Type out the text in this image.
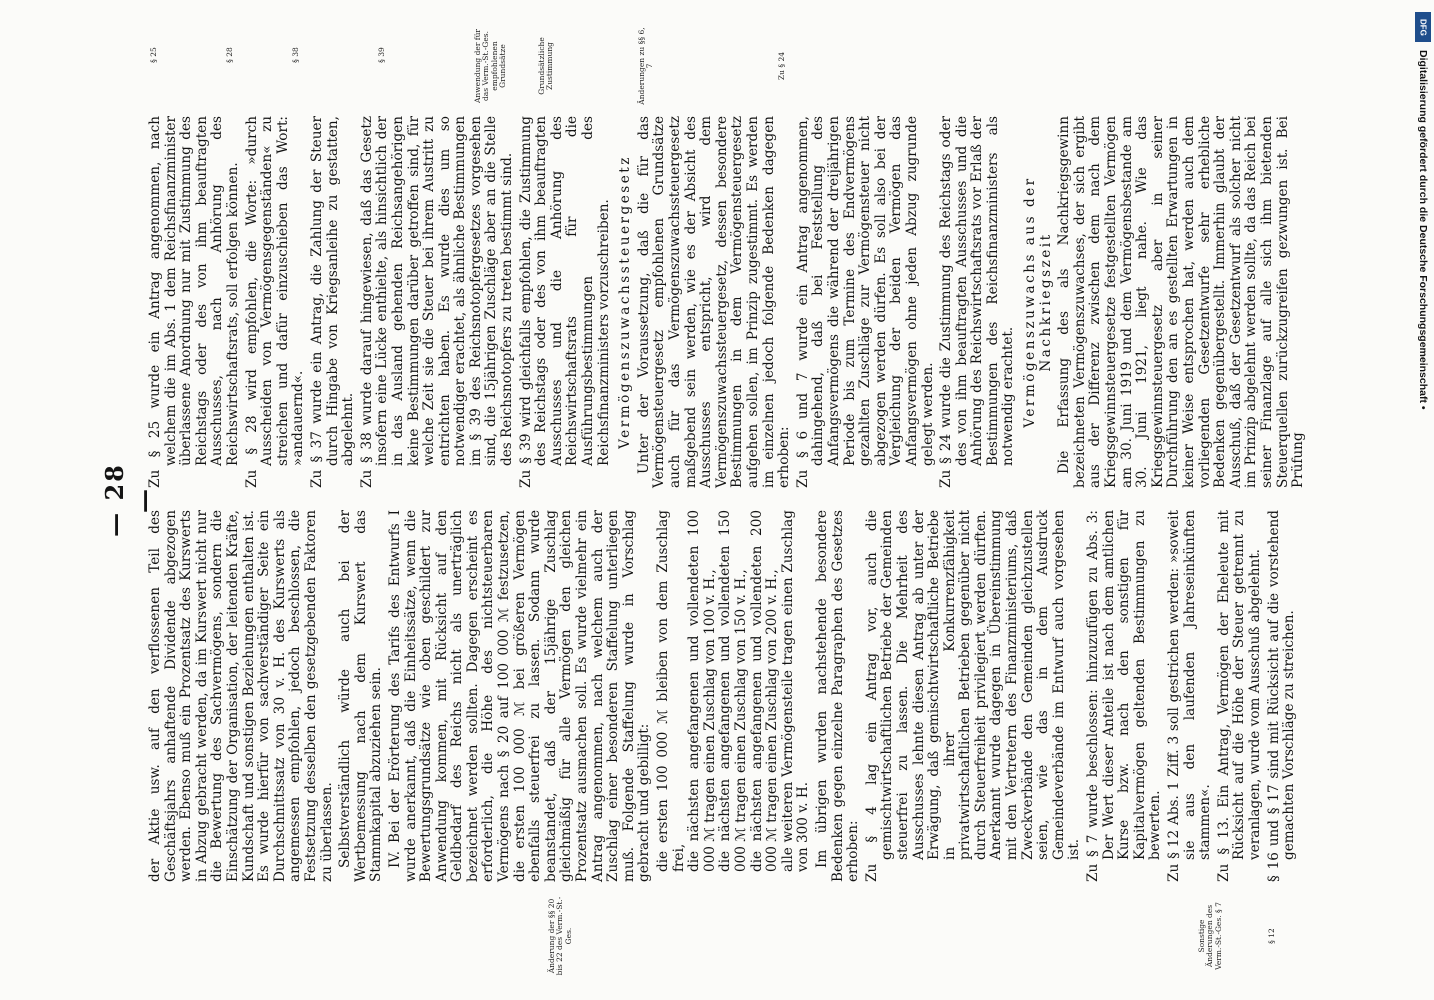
— 28 —
Änderung der §§ 20 bis 22 des Verm.-St.-Ges.	Sonstige Änderungen des Verm.-St.-Ges. § 7	§ 12
§ 25	§ 28	§ 38	§ 39	Anwendung der für das Verm.-St.-Ges. empfohlenen Grundsätze	Grundsätzliche Zustimmung	Änderungen zu §§ 6, 7	Zu § 24

der Aktie usw. auf den verflossenen Teil des Geschäftsjahrs anhaftende Dividende abgezogen werden. Ebenso muß ein Prozentsatz des Kurswerts in Abzug gebracht werden, da im Kurswert nicht nur die Bewertung des Sachvermögens, sondern die Einschätzung der Organisation, der leitenden Kräfte, Kundschaft und sonstigen Beziehungen enthalten ist. Es wurde hierfür von sachverständiger Seite ein Durchschnittssatz von 30 v. H. des Kurswerts als angemessen empfohlen, jedoch beschlossen, die Festsetzung desselben den gesetzgebenden Faktoren zu überlassen. Selbstverständlich würde auch bei der Wertbemessung nach dem Kurswert das Stammkapital abzuziehen sein. IV. Bei der Erörterung des Tarifs des Entwurfs I wurde anerkannt, daß die Einheitssätze, wenn die Bewertungsgrundsätze wie oben geschildert zur Anwendung kommen, mit Rücksicht auf den Geldbedarf des Reichs nicht als unerträglich bezeichnet werden sollten. Dagegen erscheint es erforderlich, die Höhe des nichtsteuerbaren Vermögens nach § 20 auf 100 000 ℳ festzusetzen, die ersten 100 000 ℳ bei größeren Vermögen ebenfalls steuerfrei zu lassen. Sodann wurde beanstandet, daß der 15jährige Zuschlag gleichmäßig für alle Vermögen den gleichen Prozentsatz ausmachen soll. Es wurde vielmehr ein Antrag angenommen, nach welchem auch der Zuschlag einer besonderen Staffelung unterliegen muß. Folgende Staffelung wurde in Vorschlag gebracht und gebilligt: die ersten 100 000 ℳ bleiben von dem Zuschlag frei, die nächsten angefangenen und vollendeten 100 000 ℳ tragen einen Zuschlag von 100 v. H., die nächsten angefangenen und vollendeten 150 000 ℳ tragen einen Zuschlag von 150 v. H., die nächsten angefangenen und vollendeten 200 000 ℳ tragen einen Zuschlag von 200 v. H., alle weiteren Vermögensteile tragen einen Zuschlag von 300 v. H. Im übrigen wurden nachstehende besondere Bedenken gegen einzelne Paragraphen des Gesetzes erhoben: Zu § 4 lag ein Antrag vor, auch die gemischtwirtschaftlichen Betriebe der Gemeinden steuerfrei zu lassen. Die Mehrheit des Ausschusses lehnte diesen Antrag ab unter der Erwägung, daß gemischtwirtschaftliche Betriebe in ihrer Konkurrenzfähigkeit privatwirtschaftlichen Betrieben gegenüber nicht durch Steuerfreiheit privilegiert werden dürften. Anerkannt wurde dagegen in Übereinstimmung mit den Vertretern des Finanzministeriums, daß Zweckverbände den Gemeinden gleichzustellen seien, wie das in dem Ausdruck Gemeindeverbände im Entwurf auch vorgesehen ist. Zu § 7 wurde beschlossen: hinzuzufügen zu Abs. 3: Der Wert dieser Anteile ist nach dem amtlichen Kurse bzw. nach den sonstigen für Kapitalvermögen geltenden Bestimmungen zu bewerten. Zu § 12 Abs. 1 Ziff. 3 soll gestrichen werden: »soweit sie aus den laufenden Jahreseinkünften stammen«. Zu § 13. Ein Antrag, Vermögen der Eheleute mit Rücksicht auf die Höhe der Steuer getrennt zu veranlagen, wurde vom Ausschuß abgelehnt. § 16 und § 17 sind mit Rücksicht auf die vorstehend gemachten Vorschläge zu streichen.

Zu § 25 wurde ein Antrag angenommen, nach welchem die im Abs. 1 dem Reichsfinanzminister überlassene Anordnung nur mit Zustimmung des Reichstags oder des von ihm beauftragten Ausschusses, nach Anhörung des Reichswirtschaftsrats, soll erfolgen können. Zu § 28 wird empfohlen, die Worte: »durch Ausscheiden von Vermögensgegenständen« zu streichen und dafür einzuschieben das Wort: »andauernd«. Zu § 37 wurde ein Antrag, die Zahlung der Steuer durch Hingabe von Kriegsanleihe zu gestatten, abgelehnt. Zu § 38 wurde darauf hingewiesen, daß das Gesetz insofern eine Lücke enthielte, als hinsichtlich der in das Ausland gehenden Reichsangehörigen keine Bestimmungen darüber getroffen sind, für welche Zeit sie die Steuer bei ihrem Austritt zu entrichten haben. Es wurde dies um so notwendiger erachtet, als ähnliche Bestimmungen im § 39 des Reichsnotopfergesetzes vorgesehen sind, die 15jährigen Zuschläge aber an die Stelle des Reichsnotopfers zu treten bestimmt sind. Zu § 39 wird gleichfalls empfohlen, die Zustimmung des Reichstags oder des von ihm beauftragten Ausschusses und die Anhörung des Reichswirtschaftsrats für die Ausführungsbestimmungen des Reichsfinanzministers vorzuschreiben. Vermögenszuwachssteuergesetz Unter der Voraussetzung, daß die für das Vermögensteuergesetz empfohlenen Grundsätze auch für das Vermögenszuwachssteuergesetz maßgebend sein werden, wie es der Absicht des Ausschusses entspricht, wird dem Vermögenszuwachssteuergesetz, dessen besondere Bestimmungen in dem Vermögensteuergesetz aufgehen sollen, im Prinzip zugestimmt. Es werden im einzelnen jedoch folgende Bedenken dagegen erhoben: Zu § 6 und 7 wurde ein Antrag angenommen, dahingehend, daß bei Feststellung des Anfangsvermögens die während der dreijährigen Periode bis zum Termine des Endvermögens gezahlten Zuschläge zur Vermögensteuer nicht abgezogen werden dürfen. Es soll also bei der Vergleichung der beiden Vermögen das Anfangsvermögen ohne jeden Abzug zugrunde gelegt werden. Zu § 24 wurde die Zustimmung des Reichstags oder des von ihm beauftragten Ausschusses und die Anhörung des Reichswirtschaftsrats vor Erlaß der Bestimmungen des Reichsfinanzministers als notwendig erachtet. Vermögenszuwachs aus der Nachkriegszeit Die Erfassung des als Nachkriegsgewinn bezeichneten Vermögenszuwachses, der sich ergibt aus der Differenz zwischen dem nach dem Kriegsgewinnsteuergesetze festgestellten Vermögen am 30. Juni 1919 und dem Vermögensbestande am 30. Juni 1921, liegt nahe. Wie das Kriegsgewinnsteuergesetz aber in seiner Durchführung den an es gestellten Erwartungen in keiner Weise entsprochen hat, werden auch dem vorliegenden Gesetzentwurfe sehr erhebliche Bedenken gegenübergestellt. Immerhin glaubt der Ausschuß, daß der Gesetzentwurf als solcher nicht im Prinzip abgelehnt werden sollte, da das Reich bei seiner Finanzlage auf alle sich ihm bietenden Steuerquellen zurückzugreifen gezwungen ist. Bei Prüfung

DFG
Digitalisierung gefördert durch die Deutsche Forschungsgemeinschaft •
